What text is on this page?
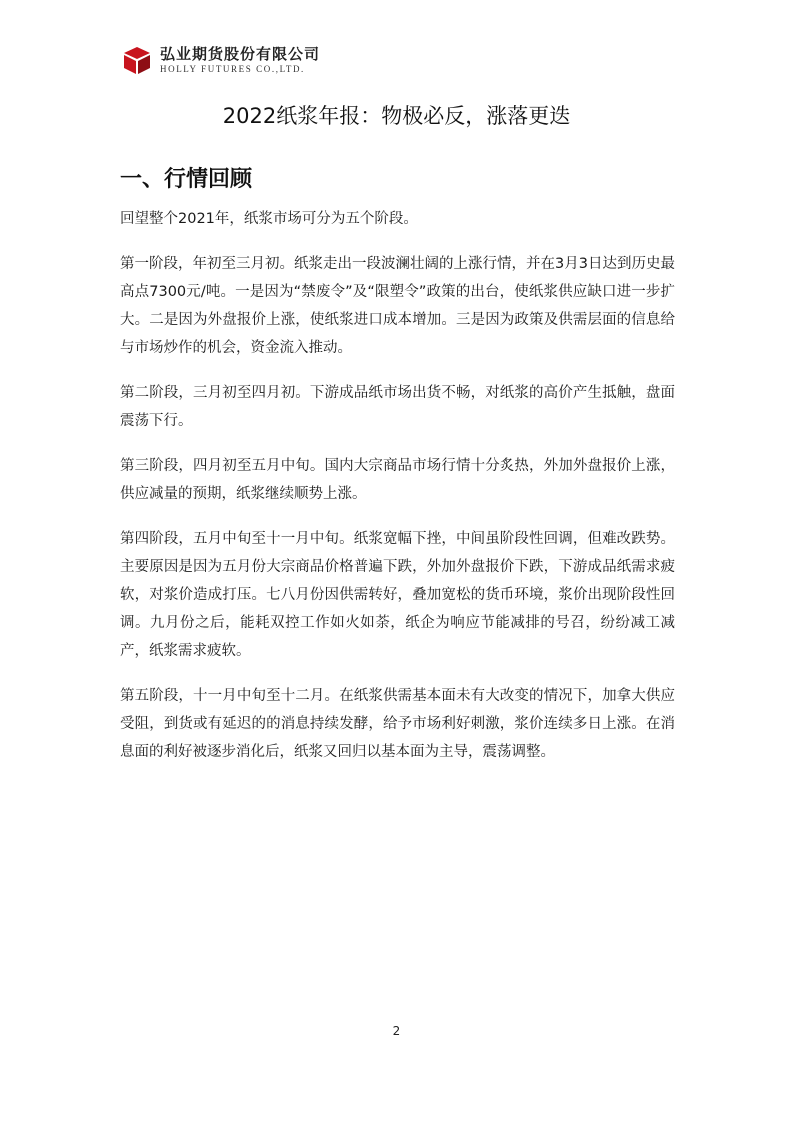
弘业期货股份有限公司
HOLLY FUTURES CO.,LTD.
2022纸浆年报：物极必反，涨落更迭
一、行情回顾

回望整个2021年，纸浆市场可分为五个阶段。

第一阶段，年初至三月初。纸浆走出一段波澜壮阔的上涨行情，并在3月3日达到历史最高点7300元/吨。一是因为“禁废令”及“限塑令”政策的出台，使纸浆供应缺口进一步扩大。二是因为外盘报价上涨，使纸浆进口成本增加。三是因为政策及供需层面的信息给与市场炒作的机会，资金流入推动。

第二阶段，三月初至四月初。下游成品纸市场出货不畅，对纸浆的高价产生抵触，盘面震荡下行。

第三阶段，四月初至五月中旬。国内大宗商品市场行情十分炙热，外加外盘报价上涨，供应减量的预期，纸浆继续顺势上涨。

第四阶段，五月中旬至十一月中旬。纸浆宽幅下挫，中间虽阶段性回调，但难改跌势。主要原因是因为五月份大宗商品价格普遍下跌，外加外盘报价下跌，下游成品纸需求疲软，对浆价造成打压。七八月份因供需转好，叠加宽松的货币环境，浆价出现阶段性回调。九月份之后，能耗双控工作如火如荼，纸企为响应节能减排的号召，纷纷减工减产，纸浆需求疲软。

第五阶段，十一月中旬至十二月。在纸浆供需基本面未有大改变的情况下，加拿大供应受阻，到货或有延迟的的消息持续发酵，给予市场利好刺激，浆价连续多日上涨。在消息面的利好被逐步消化后，纸浆又回归以基本面为主导，震荡调整。

2
